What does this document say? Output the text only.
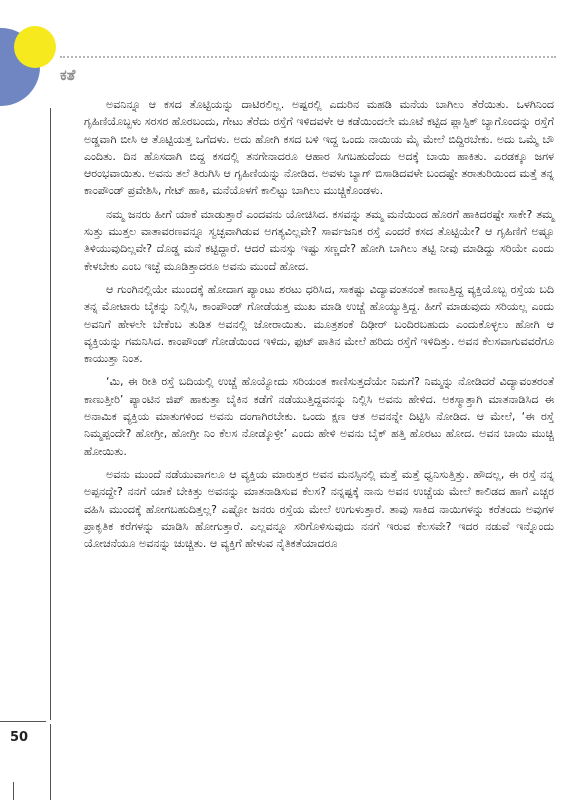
ಕತೆ
50

ಅವನಿನ್ನೂ ಆ ಕಸದ ತೊಟ್ಟಿಯನ್ನು ದಾಟಿರಲಿಲ್ಲ. ಅಷ್ಟರಲ್ಲಿ ಎದುರಿನ ಮಹಡಿ ಮನೆಯ ಬಾಗಿಲು ತೆರೆಯಿತು. ಒಳಗಿನಿಂದ ಗೃಹಿಣಿಯೊಬ್ಬಳು ಸರಸರ ಹೊರಬಂದು, ಗೇಟು ತೆರೆದು ರಸ್ತೆಗೆ ಇಳಿದವಳೇ ಆ ಕಡೆಯಿಂದಲೇ ಮೂಟೆ ಕಟ್ಟಿದ ಪ್ಲಾಸ್ಟಿಕ್ ಬ್ಯಾಗೊಂದನ್ನು ರಸ್ತೆಗೆ ಅಡ್ಡವಾಗಿ ಬೀಸಿ ಆ ತೊಟ್ಟಿಯತ್ತ ಒಗೆದಳು. ಅದು ಹೋಗಿ ಕಸದ ಬಳಿ ಇದ್ದ ಒಂದು ನಾಯಿಯ ಮೈ ಮೇಲೆ ಬಿದ್ದಿರಬೇಕು. ಅದು ಒಮ್ಮೆ ಬೌ ಎಂದಿತು. ದಿನ ಹೊಸದಾಗಿ ಬಿದ್ದ ಕಸದಲ್ಲಿ ತನಗೇನಾದರೂ ಆಹಾರ ಸಿಗಬಹುದೆಂದು ಅದಕ್ಕೆ ಬಾಯಿ ಹಾಕಿತು. ಎರಡಕ್ಕೂ ಜಗಳ ಆರಂಭವಾಯಿತು. ಅವನು ತಲೆ ತಿರುಗಿಸಿ ಆ ಗೃಹಿಣಿಯನ್ನು ನೋಡಿದ. ಅವಳು ಬ್ಯಾಗ್ ಬಿಸಾಡಿದವಳೇ ಬಂದಷ್ಟೇ ತರಾತುರಿಯಿಂದ ಮತ್ತೆ ತನ್ನ ಕಾಂಪೌಂಡ್ ಪ್ರವೇಶಿಸಿ, ಗೇಟ್ ಹಾಕಿ, ಮನೆಯೊಳಗೆ ಕಾಲಿಟ್ಟು ಬಾಗಿಲು ಮುಚ್ಚಿಕೊಂಡಳು.

ನಮ್ಮ ಜನರು ಹೀಗೆ ಯಾಕೆ ಮಾಡುತ್ತಾರೆ ಎಂದವನು ಯೋಚಿಸಿದ. ಕಸವನ್ನು ತಮ್ಮ ಮನೆಯಿಂದ ಹೊರಗೆ ಹಾಕಿದರಷ್ಟೇ ಸಾಕೇ? ತಮ್ಮ ಸುತ್ತು ಮುತ್ತಲ ವಾತಾವರಣವನ್ನೂ ಸ್ವಚ್ಛವಾಗಿಡುವ ಅಗತ್ಯವಿಲ್ಲವೇ? ಸಾರ್ವಜನಿಕ ರಸ್ತೆ ಎಂದರೆ ಕಸದ ತೊಟ್ಟಿಯೇ? ಆ ಗೃಹಿಣಿಗೆ ಅಷ್ಟೂ ತಿಳಿಯುವುದಿಲ್ಲವೇ? ದೊಡ್ಡ ಮನೆ ಕಟ್ಟಿದ್ದಾರೆ. ಆದರೆ ಮನಸ್ಸು ಇಷ್ಟು ಸಣ್ಣದೇ? ಹೋಗಿ ಬಾಗಿಲು ತಟ್ಟಿ ನೀವು ಮಾಡಿದ್ದು ಸರಿಯೇ ಎಂದು ಕೇಳಬೇಕು ಎಂಬ ಇಚ್ಛೆ ಮೂಡಿತ್ತಾದರೂ ಅವನು ಮುಂದೆ ಹೋದ.

ಆ ಗುಂಗಿನಲ್ಲಿಯೇ ಮುಂದಕ್ಕೆ ಹೋದಾಗ ಪ್ಯಾಂಟು ಶರಟು ಧರಿಸಿದ, ಸಾಕಷ್ಟು ವಿದ್ಯಾವಂತನಂತೆ ಕಾಣುತ್ತಿದ್ದ ವ್ಯಕ್ತಿಯೊಬ್ಬ ರಸ್ತೆಯ ಬದಿ ತನ್ನ ಮೋಟಾರು ಬೈಕನ್ನು ನಿಲ್ಲಿಸಿ, ಕಾಂಪೌಂಡ್ ಗೋಡೆಯತ್ತ ಮುಖ ಮಾಡಿ ಉಚ್ಚೆ ಹೊಯ್ಯುತ್ತಿದ್ದ. ಹೀಗೆ ಮಾಡುವುದು ಸರಿಯಲ್ಲ ಎಂದು ಅವನಿಗೆ ಹೇಳಲೇ ಬೇಕೆಂಬ ತುಡಿತ ಅವನಲ್ಲಿ ಜೋರಾಯಿತು. ಮೂತ್ರಶಂಕೆ ದಿಢೀರ್ ಬಂದಿರಬಹುದು ಎಂದುಕೊಳ್ಳಲು ಹೋಗಿ ಆ ವ್ಯಕ್ತಿಯನ್ನು ಗಮನಿಸಿದ. ಕಾಂಪೌಂಡ್ ಗೋಡೆಯಿಂದ ಇಳಿದು, ಫುಟ್ ಪಾತಿನ ಮೇಲೆ ಹರಿದು ರಸ್ತೆಗೆ ಇಳಿದಿತ್ತು. ಅವನ ಕೆಲಸವಾಗುವವರೆಗೂ ಕಾಯುತ್ತಾ ನಿಂತ.

‘ಮಿ, ಈ ರೀತಿ ರಸ್ತೆ ಬದಿಯಲ್ಲಿ ಉಚ್ಚೆ ಹೊಯ್ಯೋದು ಸರಿಯಂತ ಕಾಣಿಸುತ್ತದೆಯೇ ನಿಮಗೆ? ನಿಮ್ಮನ್ನು ನೋಡಿದರೆ ವಿದ್ಯಾವಂತರಂತೆ ಕಾಣುತ್ತೀರಿ’ ಪ್ಯಾಂಟಿನ ಜಿಪ್ ಹಾಕುತ್ತಾ ಬೈಕಿನ ಕಡೆಗೆ ನಡೆಯುತ್ತಿದ್ದವನನ್ನು ನಿಲ್ಲಿಸಿ ಅವನು ಹೇಳಿದ. ಅಕಸ್ಮಾತ್ತಾಗಿ ಮಾತನಾಡಿಸಿದ ಈ ಅನಾಮಿಕ ವ್ಯಕ್ತಿಯ ಮಾತುಗಳಿಂದ ಅವನು ದಂಗಾಗಿರಬೇಕು. ಒಂದು ಕ್ಷಣ ಆತ ಅವನನ್ನೇ ದಿಟ್ಟಿಸಿ ನೋಡಿದ. ಆ ಮೇಲೆ, ‘ಈ ರಸ್ತೆ ನಿಮ್ಮಪ್ಪಂದೇ? ಹೋಗ್ರೀ, ಹೋಗ್ರೀ ನಿಂ ಕೆಲಸ ನೋಡ್ಕೊಳ್ರೀ’ ಎಂದು ಹೇಳಿ ಅವನು ಬೈಕ್ ಹತ್ತಿ ಹೊರಟು ಹೋದ. ಅವನ ಬಾಯಿ ಮುಚ್ಚಿ ಹೋಯಿತು.

ಅವನು ಮುಂದೆ ನಡೆಯುವಾಗಲೂ ಆ ವ್ಯಕ್ತಿಯ ಮಾರುತ್ತರ ಅವನ ಮನಸ್ಸಿನಲ್ಲಿ ಮತ್ತೆ ಮತ್ತೆ ಧ್ವನಿಸುತ್ತಿತ್ತು. ಹೌದಲ್ಲ, ಈ ರಸ್ತೆ ನನ್ನ ಅಪ್ಪನದ್ದೇ? ನನಗೆ ಯಾಕೆ ಬೇಕಿತ್ತು ಅವನನ್ನು ಮಾತನಾಡಿಸುವ ಕೆಲಸ? ನನ್ನಷ್ಟಕ್ಕೆ ನಾನು ಅವನ ಉಚ್ಚೆಯ ಮೇಲೆ ಕಾಲಿಡದ ಹಾಗೆ ಎಚ್ಚರ ವಹಿಸಿ ಮುಂದಕ್ಕೆ ಹೋಗಬಹುದಿತ್ತಲ್ಲ? ಎಷ್ಟೋ ಜನರು ರಸ್ತೆಯ ಮೇಲೆ ಉಗುಳುತ್ತಾರೆ. ತಾವು ಸಾಕಿದ ನಾಯಿಗಳನ್ನು ಕರೆತಂದು ಅವುಗಳ ಪ್ರಾಕೃತಿಕ ಕರೆಗಳನ್ನು ಮಾಡಿಸಿ ಹೋಗುತ್ತಾರೆ. ಎಲ್ಲವನ್ನೂ ಸರಿಗೊಳಿಸುವುದು ನನಗೆ ಇರುವ ಕೆಲಸವೇ? ಇದರ ನಡುವೆ ಇನ್ನೊಂದು ಯೋಚನೆಯೂ ಅವನನ್ನು ಚುಚ್ಚಿತು. ಆ ವ್ಯಕ್ತಿಗೆ ಹೇಳುವ ನೈತಿಕತೆಯಾದರೂ
